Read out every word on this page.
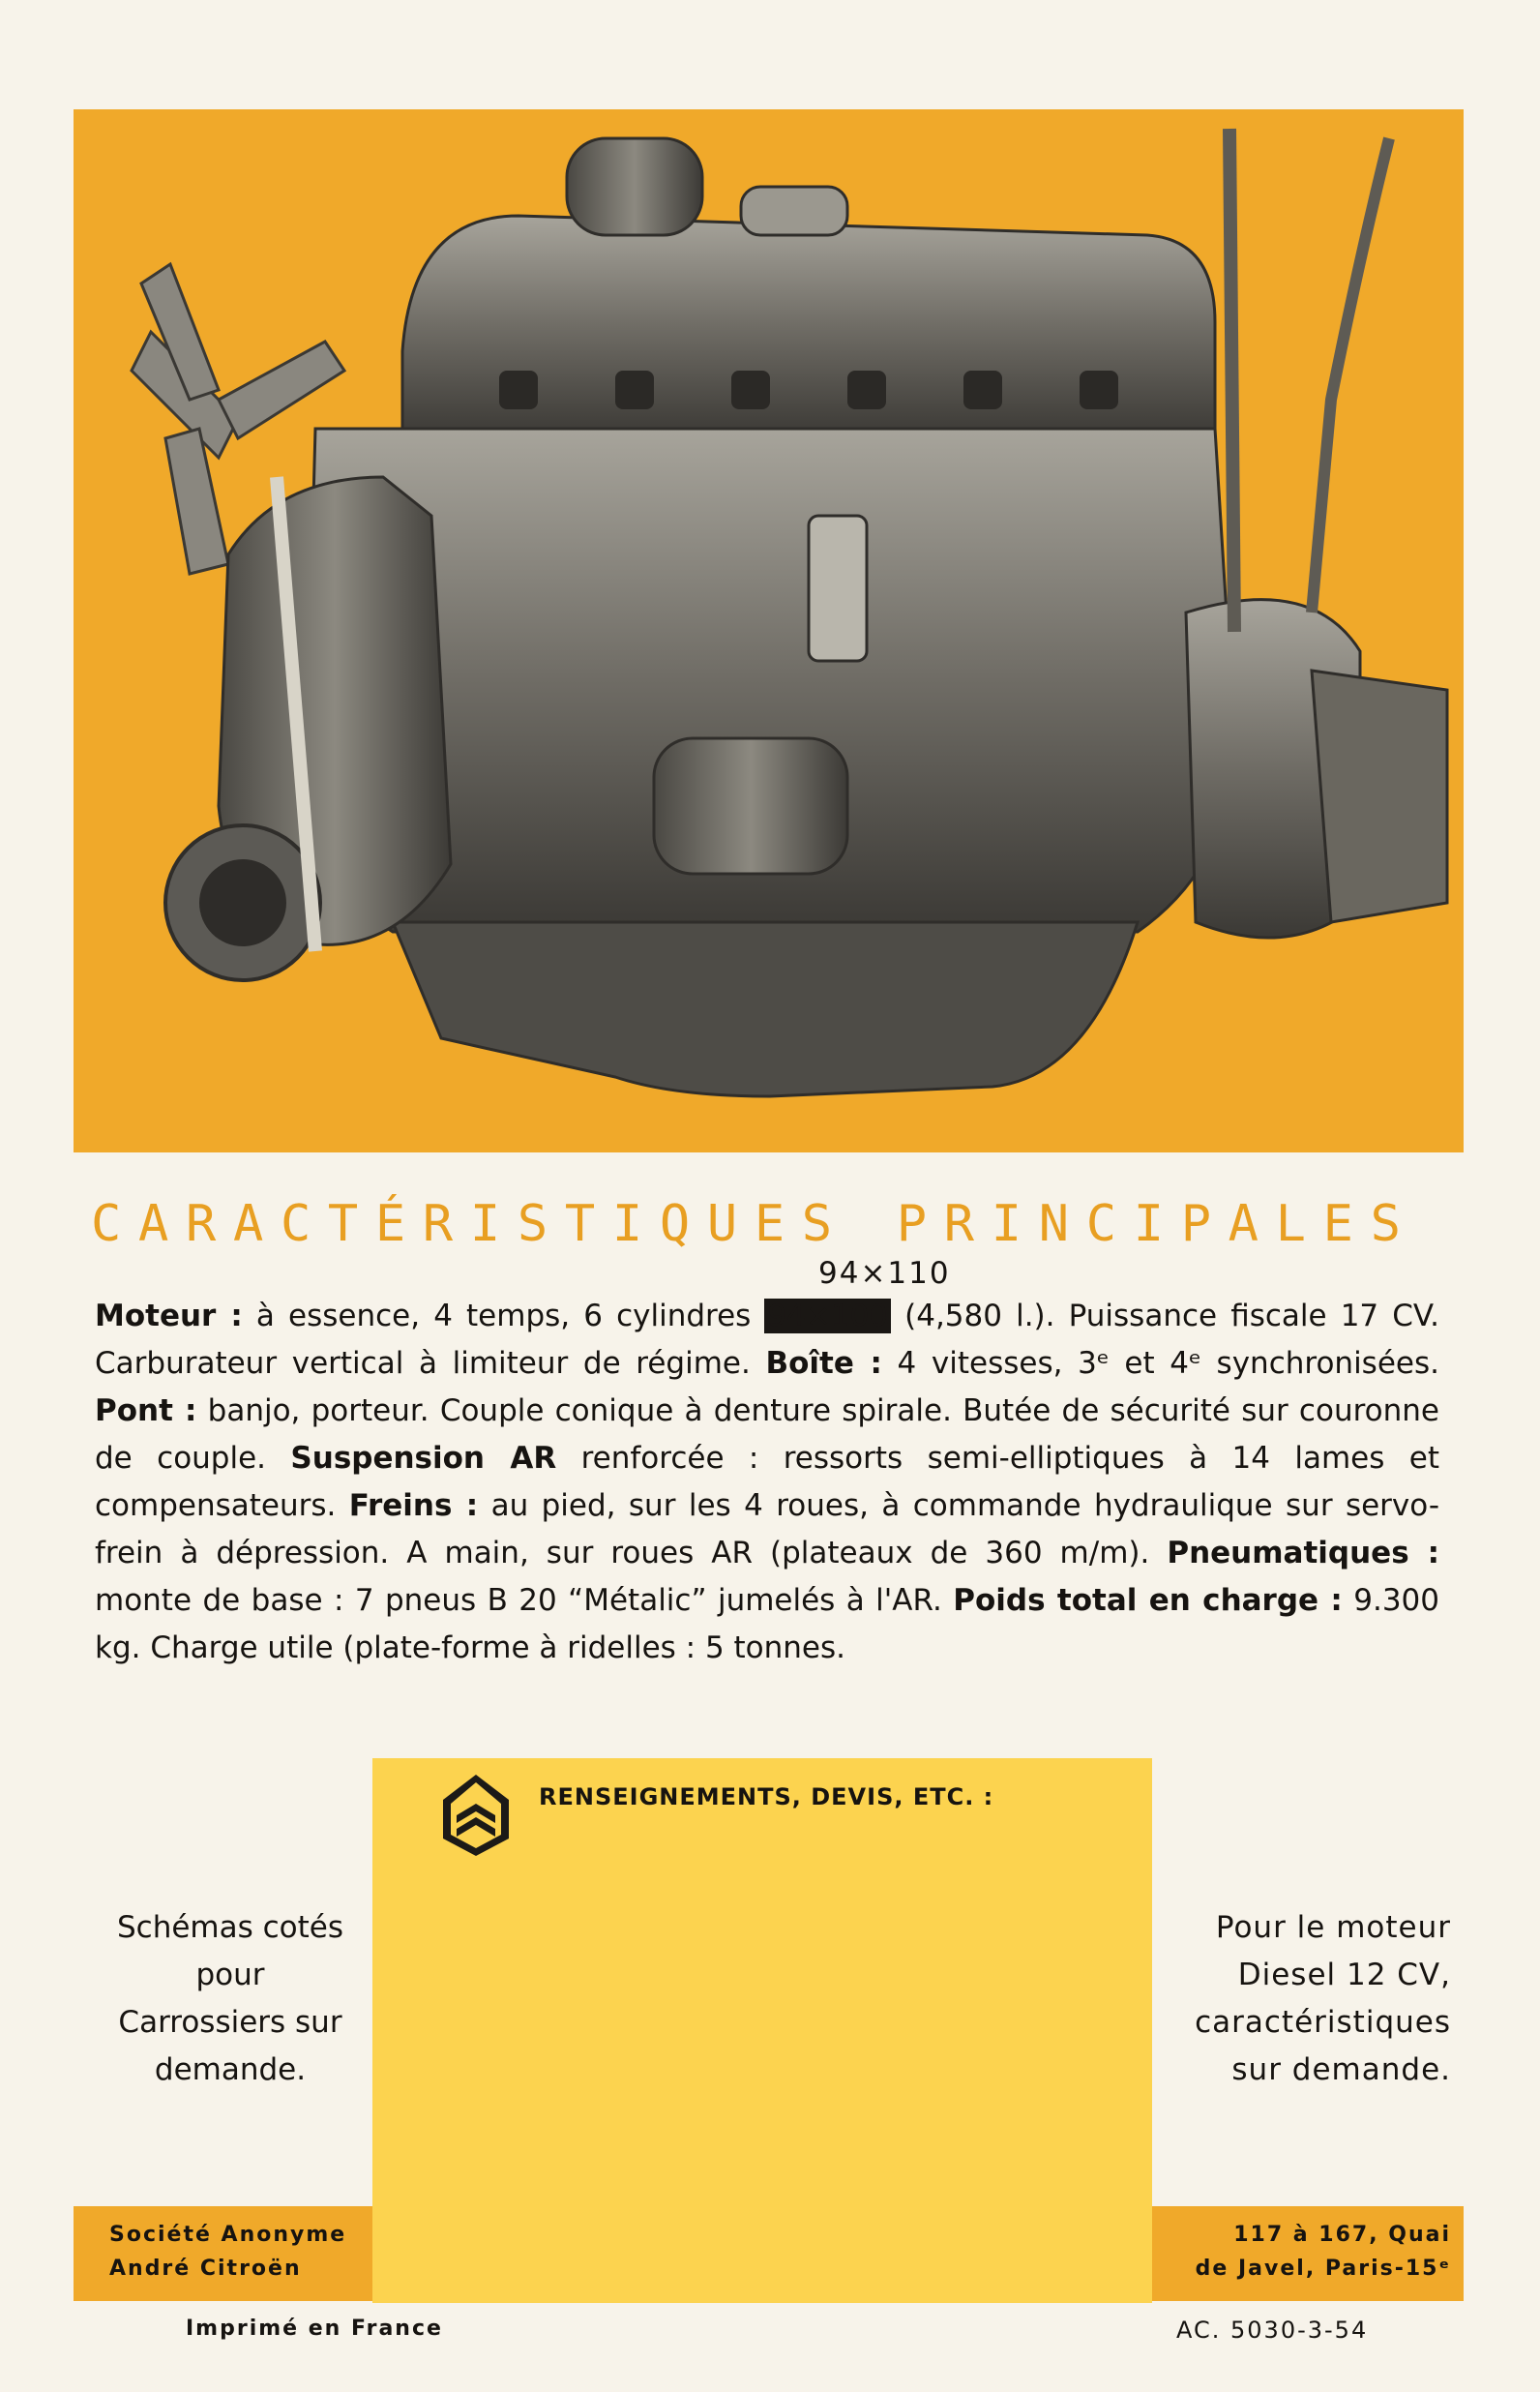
CARACTÉRISTIQUES PRINCIPALES
94×110
Moteur : à essence, 4 temps, 6 cylindres 94×100 (4,580 l.). Puissance fiscale 17 CV. Carburateur vertical à limiteur de régime. Boîte : 4 vitesses, 3ᵉ et 4ᵉ synchronisées. Pont : banjo, porteur. Couple conique à denture spirale. Butée de sécurité sur couronne de couple. Suspension AR renforcée : ressorts semi-elliptiques à 14 lames et compensateurs. Freins : au pied, sur les 4 roues, à commande hydraulique sur servo-frein à dépression. A main, sur roues AR (plateaux de 360 m/m). Pneumatiques : monte de base : 7 pneus B 20 “Métalic” jumelés à l'AR. Poids total en charge : 9.300 kg. Charge utile (plate-forme à ridelles : 5 tonnes.
RENSEIGNEMENTS, DEVIS, ETC. :
Schémas cotés
pour
Carrossiers sur
demande.
Pour le moteur
Diesel 12 CV,
caractéristiques
sur demande.
Société Anonyme
André Citroën
117 à 167, Quai
de Javel, Paris-15ᵉ
Imprimé en France	AC. 5030-3-54
